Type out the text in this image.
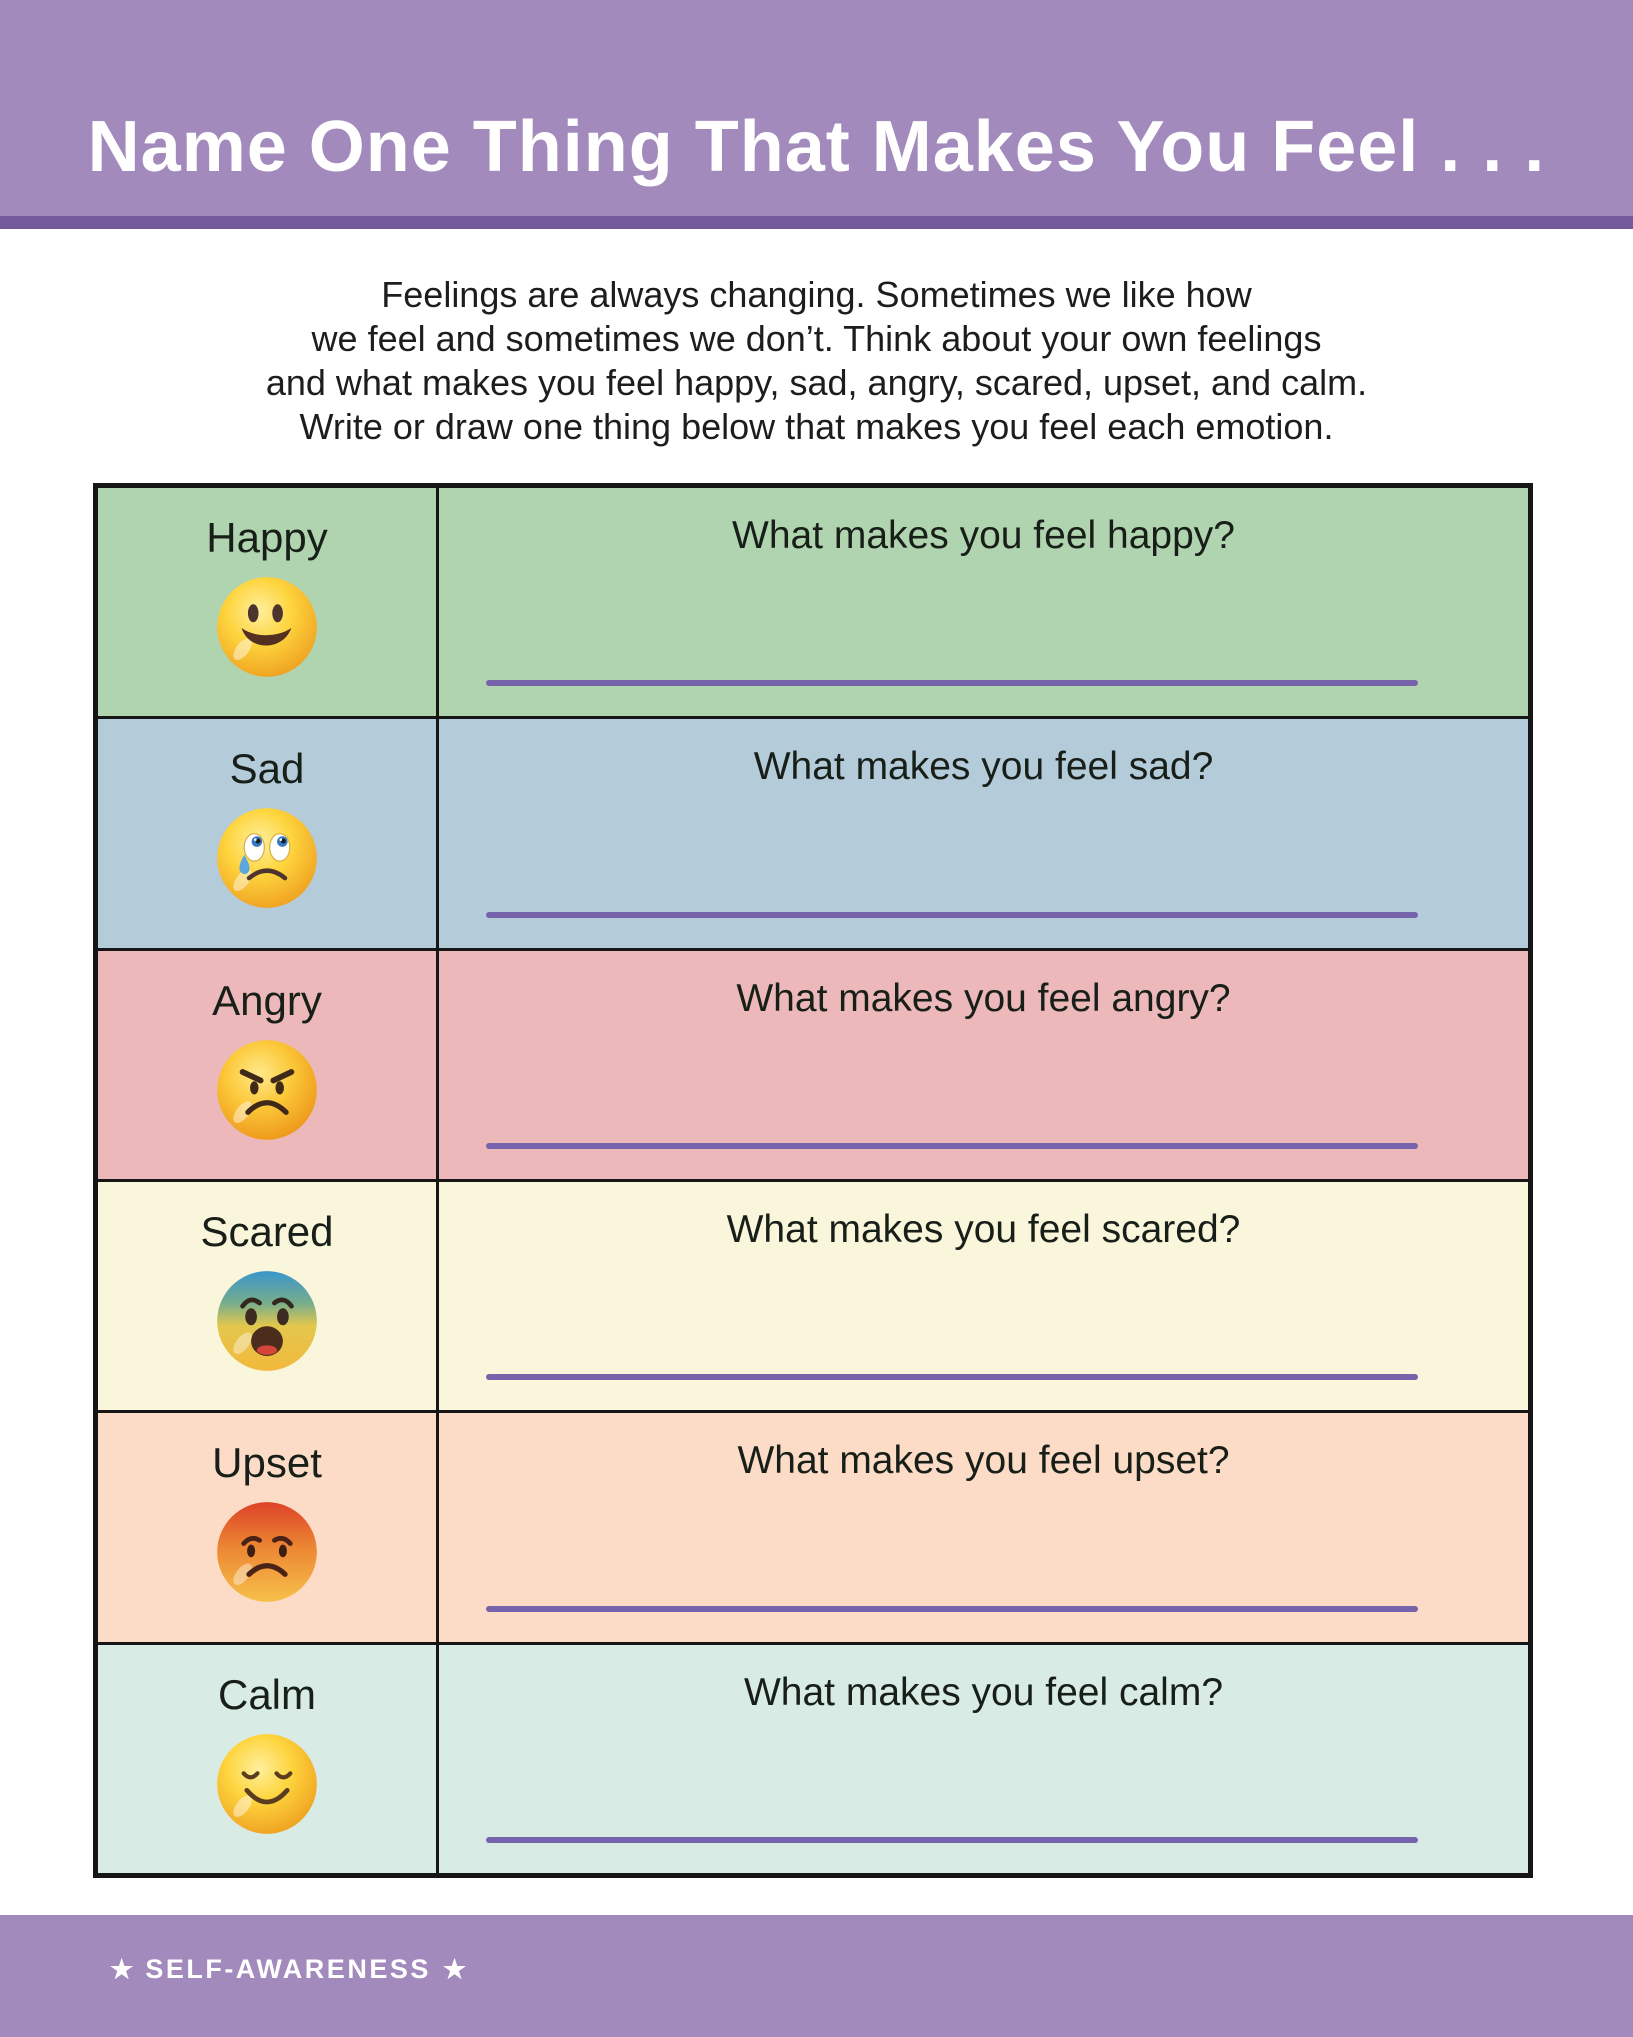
Name One Thing That Makes You Feel . . .
Feelings are always changing. Sometimes we like how
we feel and sometimes we don’t. Think about your own feelings
and what makes you feel happy, sad, angry, scared, upset, and calm.
Write or draw one thing below that makes you feel each emotion.
Happy	What makes you feel happy?
Sad	What makes you feel sad?
Angry	What makes you feel angry?
Scared	What makes you feel scared?
Upset	What makes you feel upset?
Calm	What makes you feel calm?
★ SELF-AWARENESS ★
